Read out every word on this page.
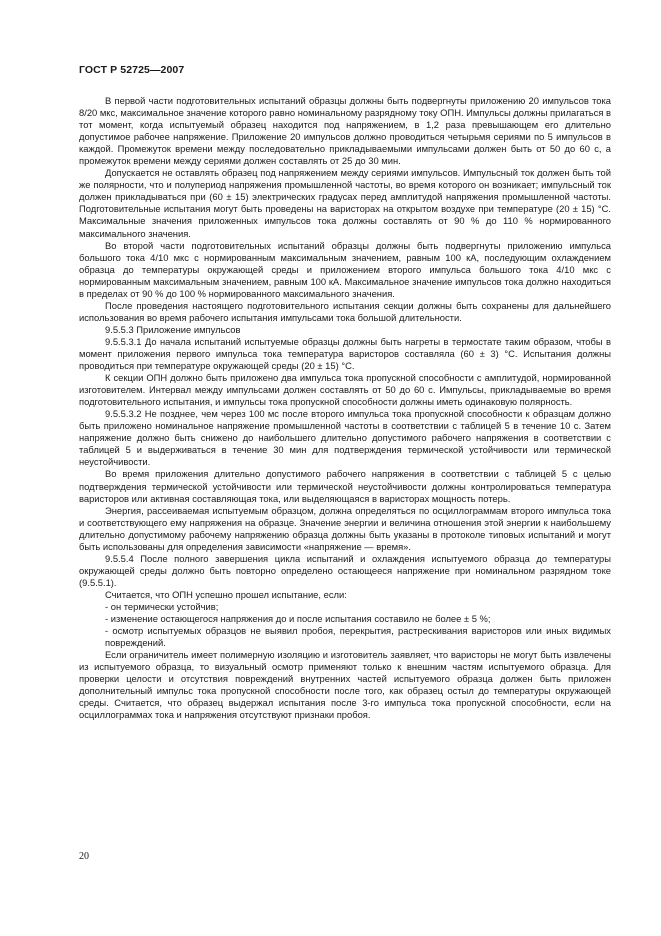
ГОСТ Р 52725—2007

В первой части подготовительных испытаний образцы должны быть подвергнуты приложению 20 импульсов тока 8/20 мкс, максимальное значение которого равно номинальному разрядному току ОПН. Импульсы должны прилагаться в тот момент, когда испытуемый образец находится под напряжением, в 1,2 раза превышающем его длительно допустимое рабочее напряжение. Приложение 20 импульсов должно проводиться четырьмя сериями по 5 импульсов в каждой. Промежуток времени между последовательно прикладываемыми импульсами должен быть от 50 до 60 с, а промежуток времени между сериями должен составлять от 25 до 30 мин.

Допускается не оставлять образец под напряжением между сериями импульсов. Импульсный ток должен быть той же полярности, что и полупериод напряжения промышленной частоты, во время которого он возникает; импульсный ток должен прикладываться при (60 ± 15) электрических градусах перед амплитудой напряжения промышленной частоты. Подготовительные испытания могут быть проведены на варисторах на открытом воздухе при температуре (20 ± 15) °С. Максимальные значения приложенных импульсов тока должны составлять от 90 % до 110 % нормированного максимального значения.

Во второй части подготовительных испытаний образцы должны быть подвергнуты приложению импульса большого тока 4/10 мкс с нормированным максимальным значением, равным 100 кА, последующим охлаждением образца до температуры окружающей среды и приложением второго импульса большого тока 4/10 мкс с нормированным максимальным значением, равным 100 кА. Максимальное значение импульсов тока должно находиться в пределах от 90 % до 100 % нормированного максимального значения.

После проведения настоящего подготовительного испытания секции должны быть сохранены для дальнейшего использования во время рабочего испытания импульсами тока большой длительности.

9.5.5.3 Приложение импульсов

9.5.5.3.1 До начала испытаний испытуемые образцы должны быть нагреты в термостате таким образом, чтобы в момент приложения первого импульса тока температура варисторов составляла (60 ± 3) °С. Испытания должны проводиться при температуре окружающей среды (20 ± 15) °С.

К секции ОПН должно быть приложено два импульса тока пропускной способности с амплитудой, нормированной изготовителем. Интервал между импульсами должен составлять от 50 до 60 с. Импульсы, прикладываемые во время подготовительного испытания, и импульсы тока пропускной способности должны иметь одинаковую полярность.

9.5.5.3.2 Не позднее, чем через 100 мс после второго импульса тока пропускной способности к образцам должно быть приложено номинальное напряжение промышленной частоты в соответствии с таблицей 5 в течение 10 с. Затем напряжение должно быть снижено до наибольшего длительно допустимого рабочего напряжения в соответствии с таблицей 5 и выдерживаться в течение 30 мин для подтверждения термической устойчивости или термической неустойчивости.

Во время приложения длительно допустимого рабочего напряжения в соответствии с таблицей 5 с целью подтверждения термической устойчивости или термической неустойчивости должны контролироваться температура варисторов или активная составляющая тока, или выделяющаяся в варисторах мощность потерь.

Энергия, рассеиваемая испытуемым образцом, должна определяться по осциллограммам второго импульса тока и соответствующего ему напряжения на образце. Значение энергии и величина отношения этой энергии к наибольшему длительно допустимому рабочему напряжению образца должны быть указаны в протоколе типовых испытаний и могут быть использованы для определения зависимости «напряжение — время».

9.5.5.4 После полного завершения цикла испытаний и охлаждения испытуемого образца до температуры окружающей среды должно быть повторно определено остающееся напряжение при номинальном разрядном токе (9.5.5.1).

Считается, что ОПН успешно прошел испытание, если:

- он термически устойчив;

- изменение остающегося напряжения до и после испытания составило не более ± 5 %;

- осмотр испытуемых образцов не выявил пробоя, перекрытия, растрескивания варисторов или иных видимых повреждений.

Если ограничитель имеет полимерную изоляцию и изготовитель заявляет, что варисторы не могут быть извлечены из испытуемого образца, то визуальный осмотр применяют только к внешним частям испытуемого образца. Для проверки целости и отсутствия повреждений внутренних частей испытуемого образца должен быть приложен дополнительный импульс тока пропускной способности после того, как образец остыл до температуры окружающей среды. Считается, что образец выдержал испытания после 3-го импульса тока пропускной способности, если на осциллограммах тока и напряжения отсутствуют признаки пробоя.

20
